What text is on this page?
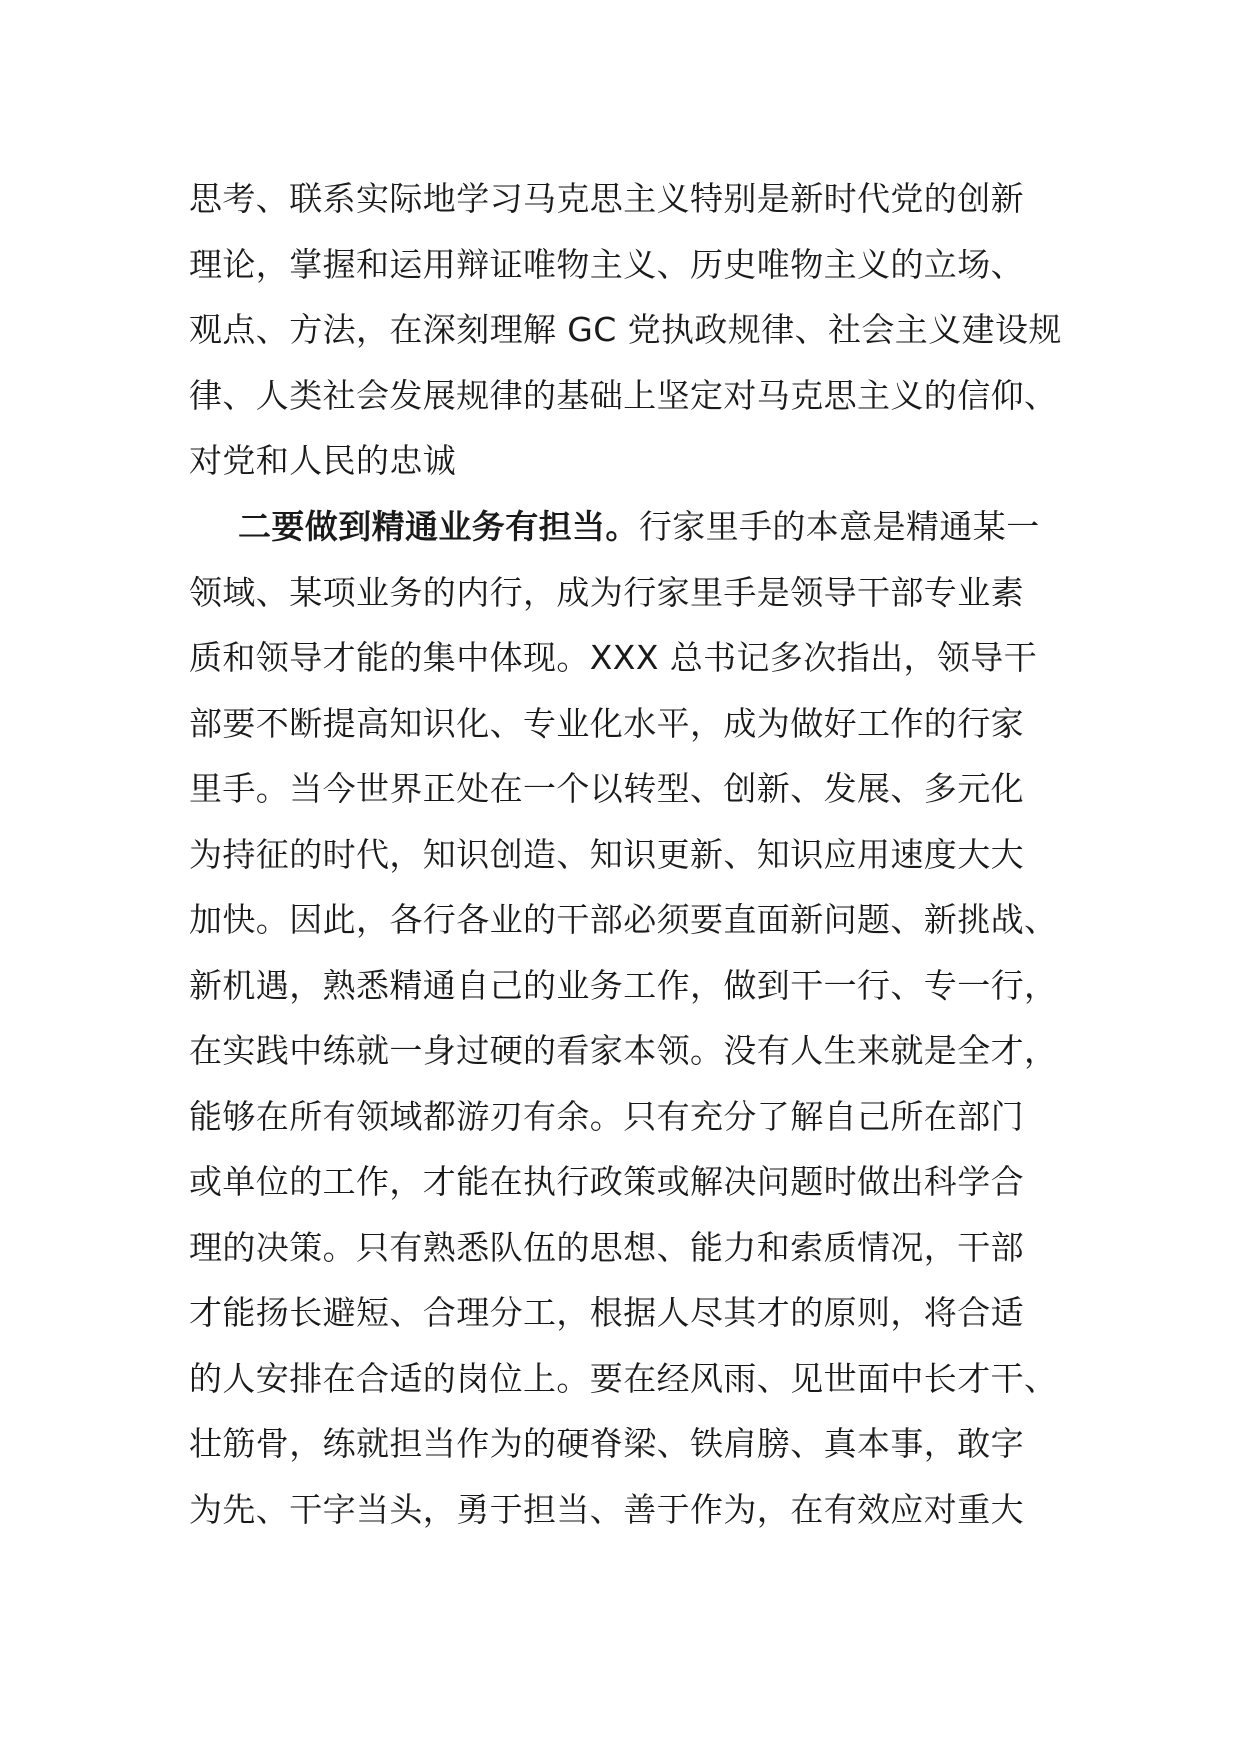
思考、联系实际地学习马克思主义特别是新时代党的创新
理论，掌握和运用辩证唯物主义、历史唯物主义的立场、
观点、方法，在深刻理解 GC 党执政规律、社会主义建设规
律、人类社会发展规律的基础上坚定对马克思主义的信仰、
对党和人民的忠诚
二要做到精通业务有担当。行家里手的本意是精通某一
领域、某项业务的内行，成为行家里手是领导干部专业素
质和领导才能的集中体现。XXX 总书记多次指出，领导干
部要不断提高知识化、专业化水平，成为做好工作的行家
里手。当今世界正处在一个以转型、创新、发展、多元化
为持征的时代，知识创造、知识更新、知识应用速度大大
加快。因此，各行各业的干部必须要直面新问题、新挑战、
新机遇，熟悉精通自己的业务工作，做到干一行、专一行，
在实践中练就一身过硬的看家本领。没有人生来就是全才，
能够在所有领域都游刃有余。只有充分了解自己所在部门
或单位的工作，才能在执行政策或解决问题时做出科学合
理的决策。只有熟悉队伍的思想、能力和索质情况，干部
才能扬长避短、合理分工，根据人尽其才的原则，将合适
的人安排在合适的岗位上。要在经风雨、见世面中长才干、
壮筋骨，练就担当作为的硬脊梁、铁肩膀、真本事，敢字
为先、干字当头，勇于担当、善于作为，在有效应对重大
